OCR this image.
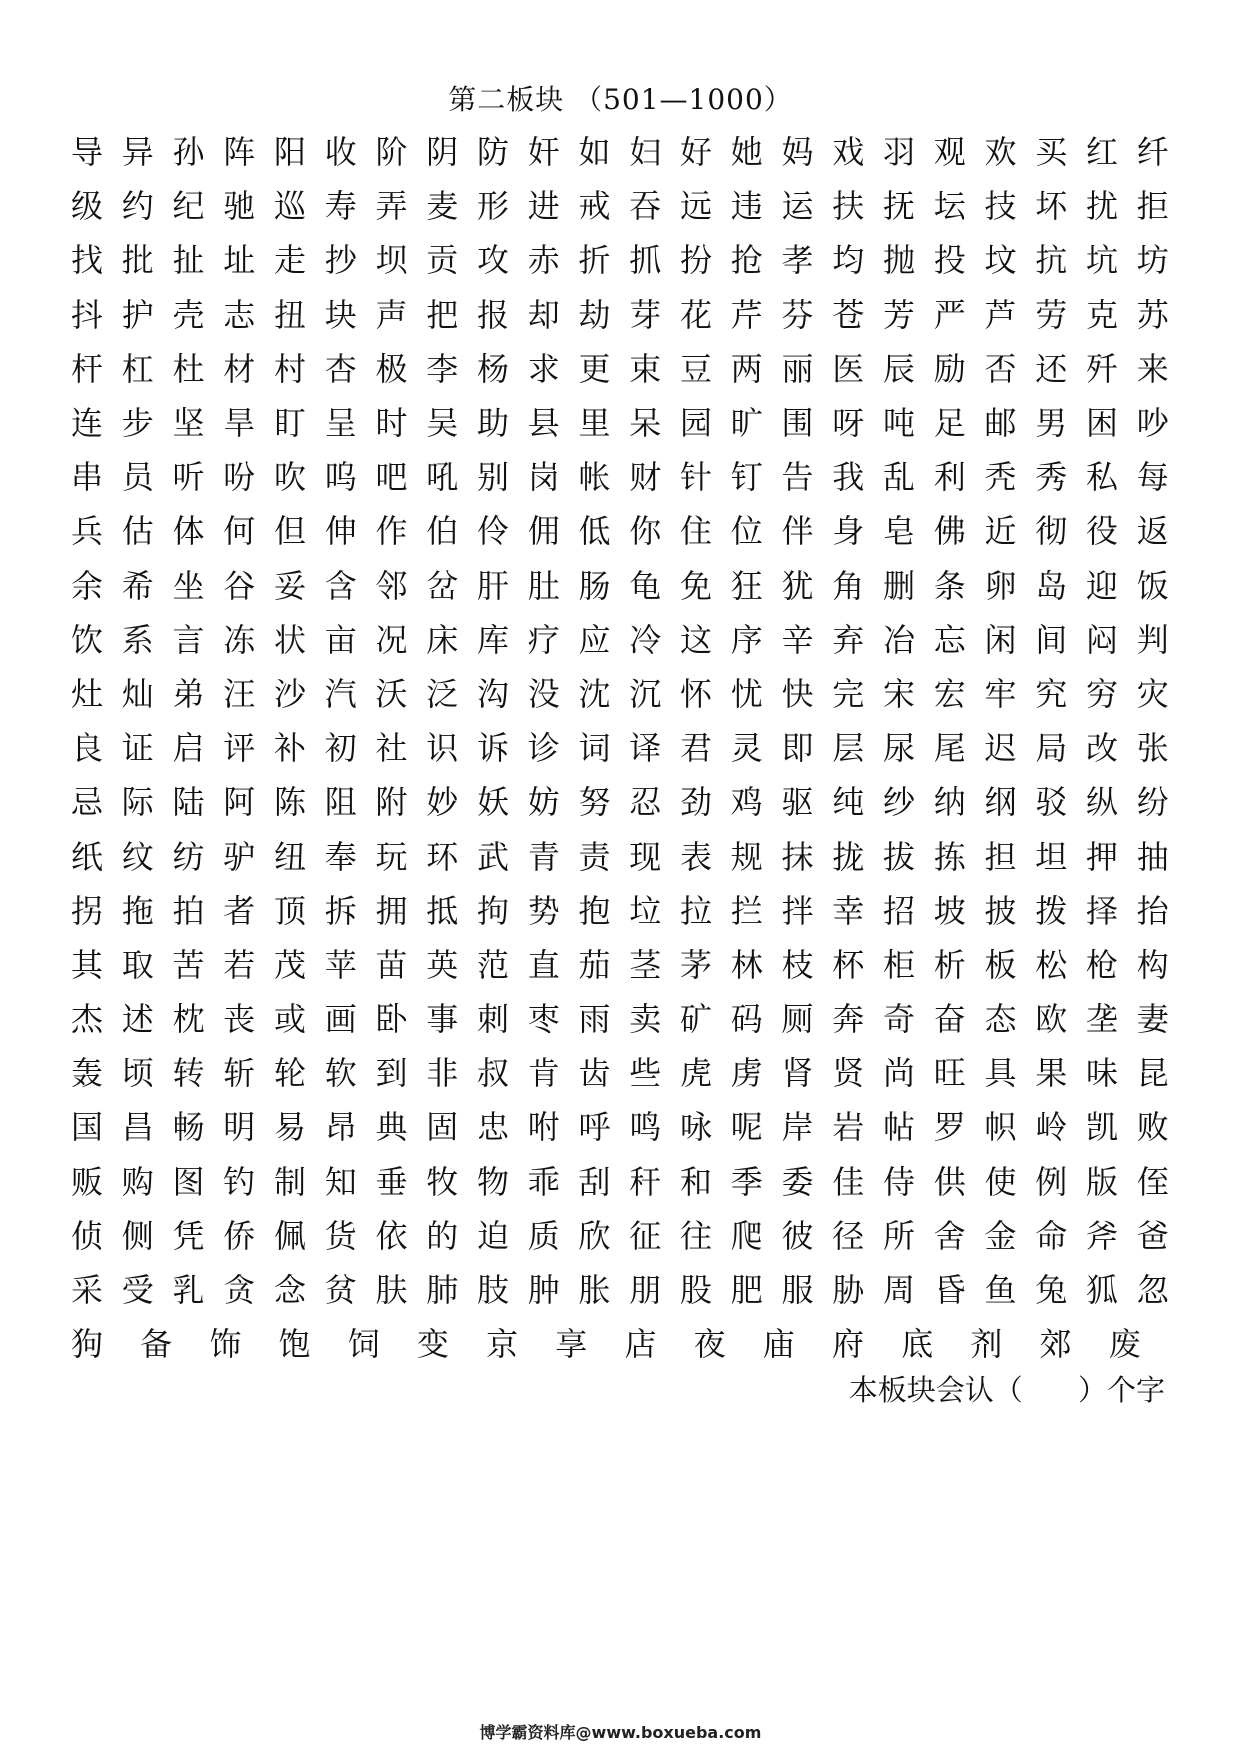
第二板块 （501—1000）
导 异 孙 阵 阳 收 阶 阴 防 奸 如 妇 好 她 妈 戏 羽 观 欢 买 红 纤
级 约 纪 驰 巡 寿 弄 麦 形 进 戒 吞 远 违 运 扶 抚 坛 技 坏 扰 拒
找 批 扯 址 走 抄 坝 贡 攻 赤 折 抓 扮 抢 孝 均 抛 投 坟 抗 坑 坊
抖 护 壳 志 扭 块 声 把 报 却 劫 芽 花 芹 芬 苍 芳 严 芦 劳 克 苏
杆 杠 杜 材 村 杏 极 李 杨 求 更 束 豆 两 丽 医 辰 励 否 还 歼 来
连 步 坚 旱 盯 呈 时 吴 助 县 里 呆 园 旷 围 呀 吨 足 邮 男 困 吵
串 员 听 吩 吹 呜 吧 吼 别 岗 帐 财 针 钉 告 我 乱 利 秃 秀 私 每
兵 估 体 何 但 伸 作 伯 伶 佣 低 你 住 位 伴 身 皂 佛 近 彻 役 返
余 希 坐 谷 妥 含 邻 岔 肝 肚 肠 龟 免 狂 犹 角 删 条 卵 岛 迎 饭
饮 系 言 冻 状 亩 况 床 库 疗 应 冷 这 序 辛 弃 冶 忘 闲 间 闷 判
灶 灿 弟 汪 沙 汽 沃 泛 沟 没 沈 沉 怀 忧 快 完 宋 宏 牢 究 穷 灾
良 证 启 评 补 初 社 识 诉 诊 词 译 君 灵 即 层 尿 尾 迟 局 改 张
忌 际 陆 阿 陈 阻 附 妙 妖 妨 努 忍 劲 鸡 驱 纯 纱 纳 纲 驳 纵 纷
纸 纹 纺 驴 纽 奉 玩 环 武 青 责 现 表 规 抹 拢 拔 拣 担 坦 押 抽
拐 拖 拍 者 顶 拆 拥 抵 拘 势 抱 垃 拉 拦 拌 幸 招 坡 披 拨 择 抬
其 取 苦 若 茂 苹 苗 英 范 直 茄 茎 茅 林 枝 杯 柜 析 板 松 枪 构
杰 述 枕 丧 或 画 卧 事 刺 枣 雨 卖 矿 码 厕 奔 奇 奋 态 欧 垄 妻
轰 顷 转 斩 轮 软 到 非 叔 肯 齿 些 虎 虏 肾 贤 尚 旺 具 果 味 昆
国 昌 畅 明 易 昂 典 固 忠 咐 呼 鸣 咏 呢 岸 岩 帖 罗 帜 岭 凯 败
贩 购 图 钓 制 知 垂 牧 物 乖 刮 秆 和 季 委 佳 侍 供 使 例 版 侄
侦 侧 凭 侨 佩 货 依 的 迫 质 欣 征 往 爬 彼 径 所 舍 金 命 斧 爸
采 受 乳 贪 念 贫 肤 肺 肢 肿 胀 朋 股 肥 服 胁 周 昏 鱼 兔 狐 忽
狗 备 饰 饱 饲 变 京 享 店 夜 庙 府 底 剂 郊 废
本板块会认（      ）个字
博学霸资料库@www.boxueba.com
